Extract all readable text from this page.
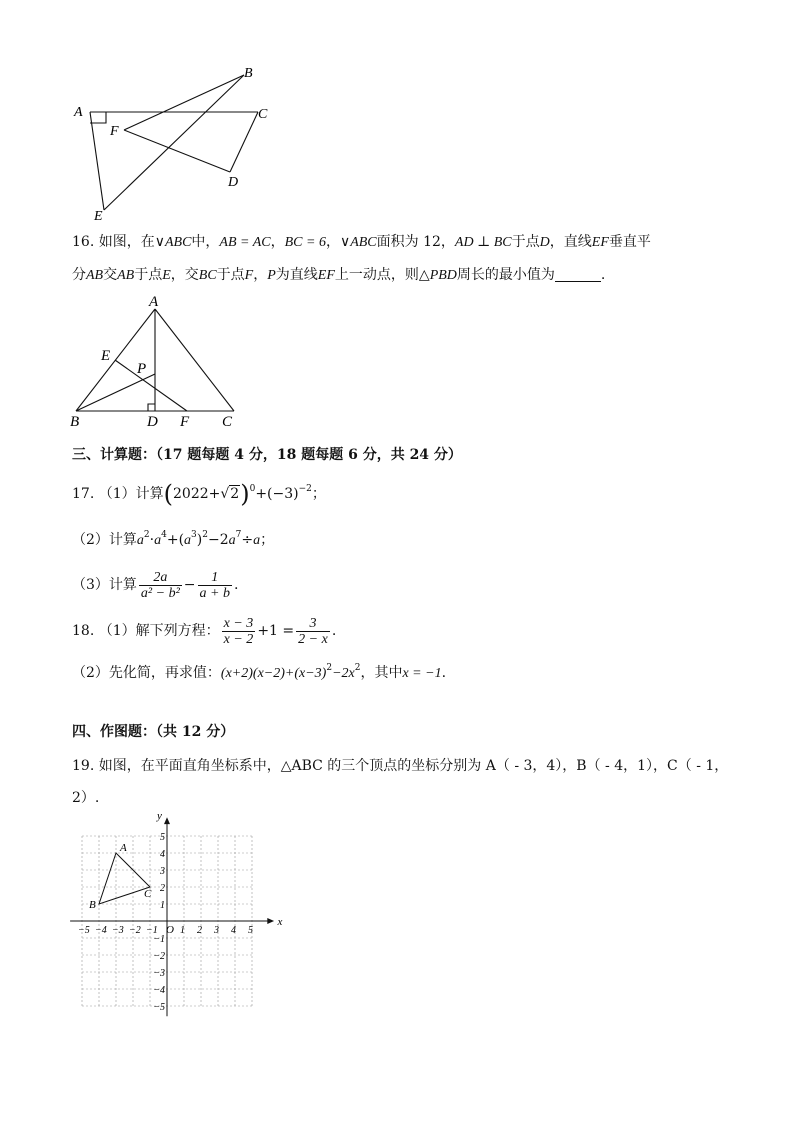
A
B
C
D
E
F
16. 如图，在∨ABC中，AB = AC，BC = 6，∨ABC面积为 12，AD ⊥ BC于点D，直线EF垂直平
分AB交AB于点E，交BC于点F，P为直线EF上一动点，则△PBD周长的最小值为	.
A
B	C
D
E
F
P
三、计算题：（17 题每题 4 分，18 题每题 6 分，共 24 分）
17. （1）计算$(2022+√2)^0+(-3)^{-2}$；
（2）计算$a^2\cdot a^4+(a^3)^2-2a^7\div a$；
（3）计算 $\frac{2a}{\text{a² − b²}} - \frac{1}{a + b}$ .
18. （1）解下列方程： $\frac{x - 3}{x - 2} +1 = \frac{3}{2 - x}$ .
（2）先化简，再求值：$(x+2)(x-2)+(x-3)^2-2x^2$，其中x = −1.
四、作图题：（共 12 分）
19. 如图，在平面直角坐标系中，△ABC 的三个顶点的坐标分别为 A（ - 3，4），B（ - 4，1），C（ - 1，
2）.
x
y
O
−5 −4 −3 −2 −1 1 2 3 4 5
5
4
3
2
1
−1
−2
−3
−4
−5
A
B
C
